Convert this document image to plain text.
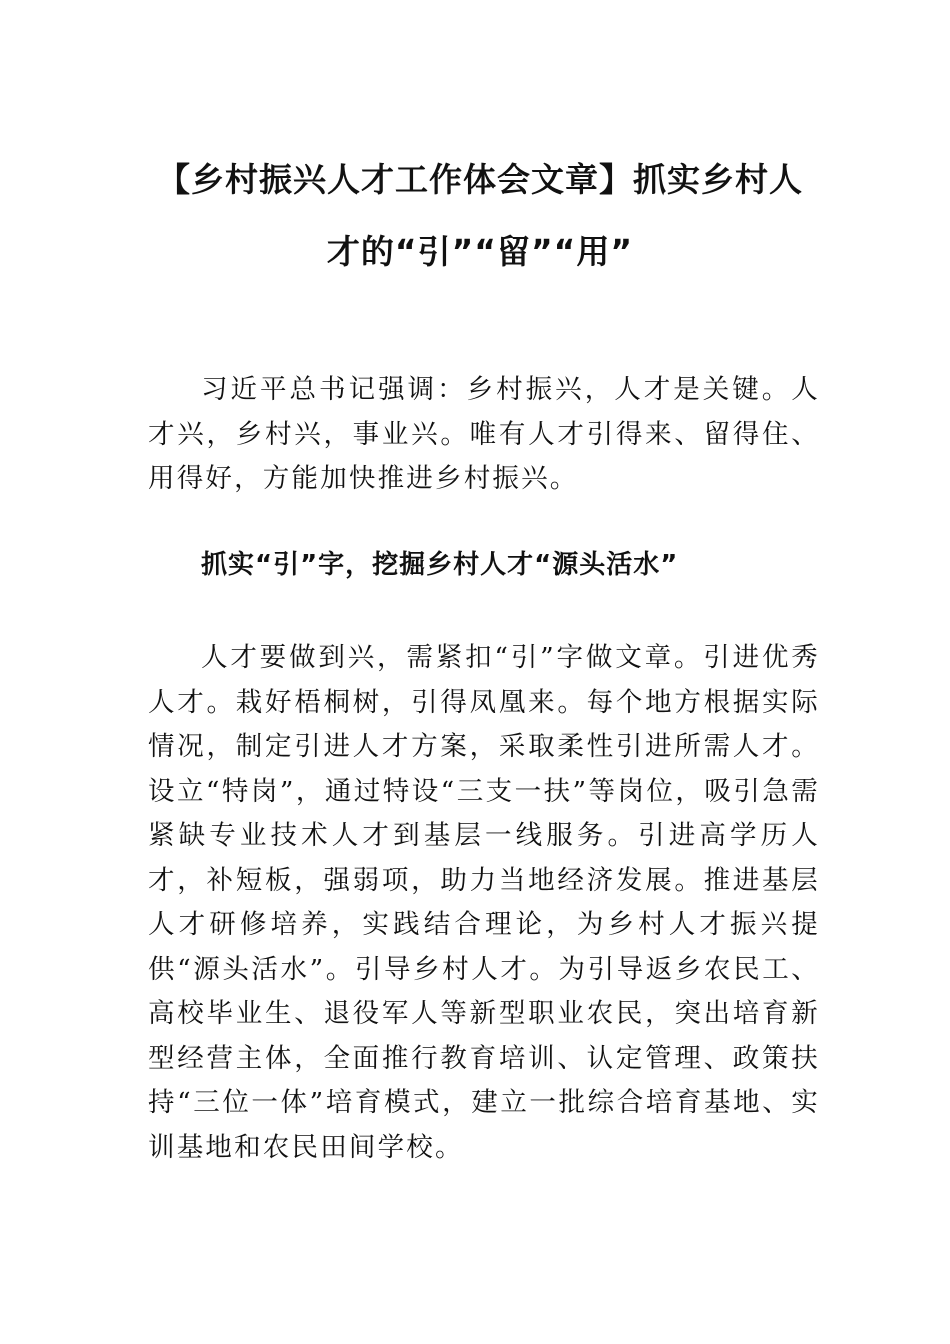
【乡村振兴人才工作体会文章】抓实乡村人
才的“引”“留”“用”

习近平总书记强调：乡村振兴，人才是关键。人才兴，乡村兴，事业兴。唯有人才引得来、留得住、用得好，方能加快推进乡村振兴。

抓实“引”字，挖掘乡村人才“源头活水”

人才要做到兴，需紧扣“引”字做文章。引进优秀人才。栽好梧桐树，引得凤凰来。每个地方根据实际情况，制定引进人才方案，采取柔性引进所需人才。设立“特岗”，通过特设“三支一扶”等岗位，吸引急需紧缺专业技术人才到基层一线服务。引进高学历人才，补短板，强弱项，助力当地经济发展。推进基层人才研修培养，实践结合理论，为乡村人才振兴提供“源头活水”。引导乡村人才。为引导返乡农民工、高校毕业生、退役军人等新型职业农民，突出培育新型经营主体，全面推行教育培训、认定管理、政策扶持“三位一体”培育模式，建立一批综合培育基地、实训基地和农民田间学校。
